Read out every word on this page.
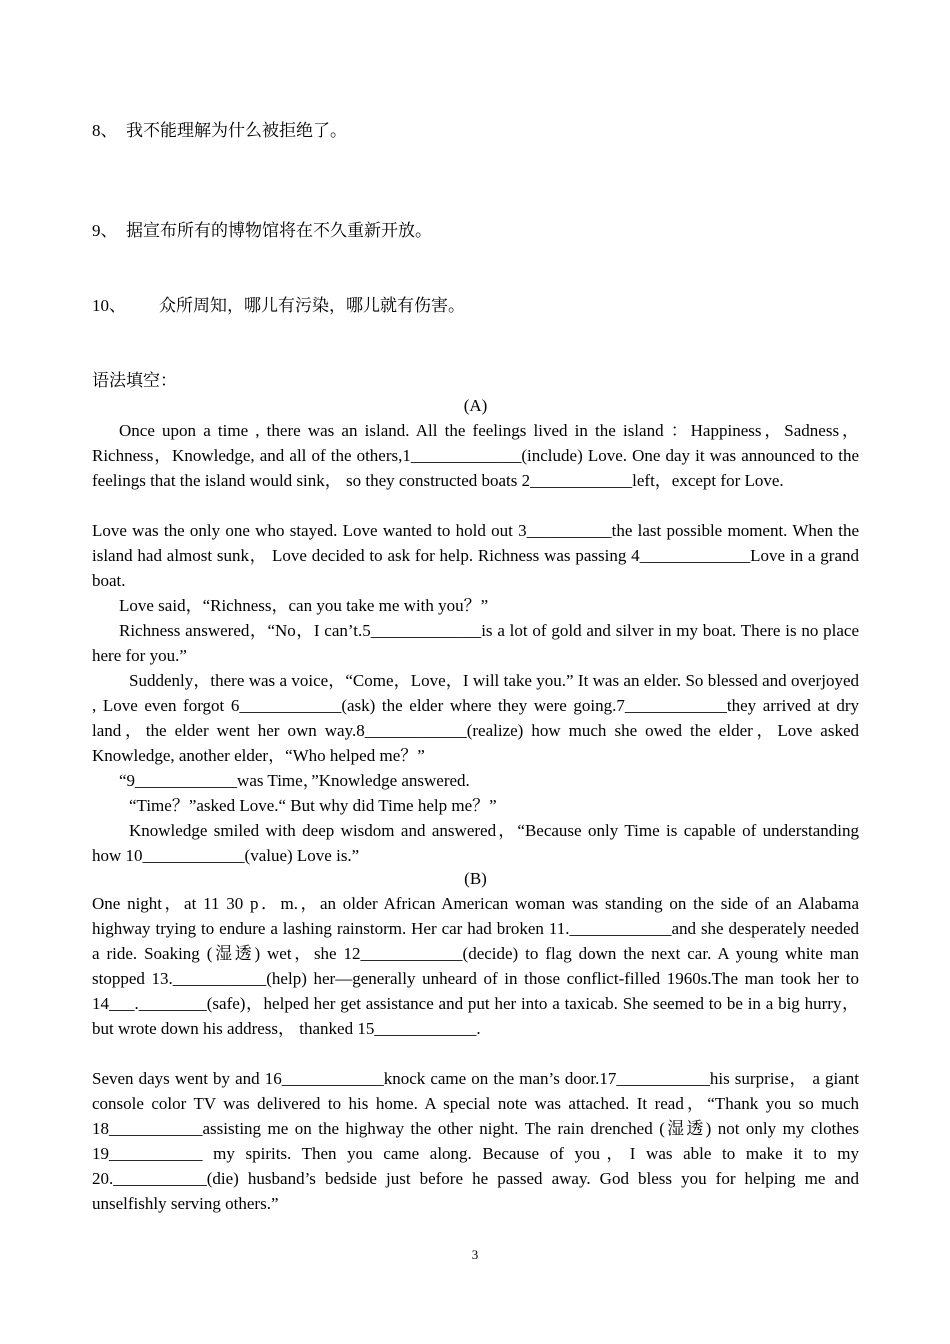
8、 我不能理解为什么被拒绝了。
9、 据宣布所有的博物馆将在不久重新开放。
10、 众所周知，哪儿有污染，哪儿就有伤害。
语法填空：
(A)

Once upon a time , there was an island. All the feelings lived in the island ：Happiness，Sadness，Richness，Knowledge, and all of the others,1_____________(include) Love. One day it was announced to the feelings that the island would sink， so they constructed boats 2____________left，except for Love.

Love was the only one who stayed. Love wanted to hold out 3__________the last possible moment. When the island had almost sunk， Love decided to ask for help. Richness was passing 4_____________Love in a grand boat.

Love said，“Richness，can you take me with you？”

Richness answered，“No，I can’t.5_____________is a lot of gold and silver in my boat. There is no place here for you.”

Suddenly，there was a voice，“Come，Love，I will take you.” It was an elder. So blessed and overjoyed , Love even forgot 6____________(ask) the elder where they were going.7____________they arrived at dry land，the elder went her own way.8____________(realize) how much she owed the elder，Love asked Knowledge, another elder，“Who helped me？”

“9____________was Time，”Knowledge answered.

“Time？”asked Love.“ But why did Time help me？”

Knowledge smiled with deep wisdom and answered，“Because only Time is capable of understanding how 10____________(value) Love is.”

(B)

One night，at 11 30 p．m.，an older African American woman was standing on the side of an Alabama highway trying to endure a lashing rainstorm. Her car had broken 11.____________and she desperately needed a ride. Soaking (湿透) wet，she 12____________(decide) to flag down the next car. A young white man stopped 13.___________(help) her—generally unheard of in those conflict-filled 1960s.The man took her to 14___.________(safe)，helped her get assistance and put her into a taxicab. She seemed to be in a big hurry， but wrote down his address， thanked 15____________.

Seven days went by and 16____________knock came on the man’s door.17___________his surprise， a giant console color TV was delivered to his home. A special note was attached. It read，“Thank you so much 18___________assisting me on the highway the other night. The rain drenched (湿透) not only my clothes 19___________ my spirits. Then you came along. Because of you，I was able to make it to my 20.___________(die) husband’s bedside just before he passed away. God bless you for helping me and unselfishly serving others.”

3
